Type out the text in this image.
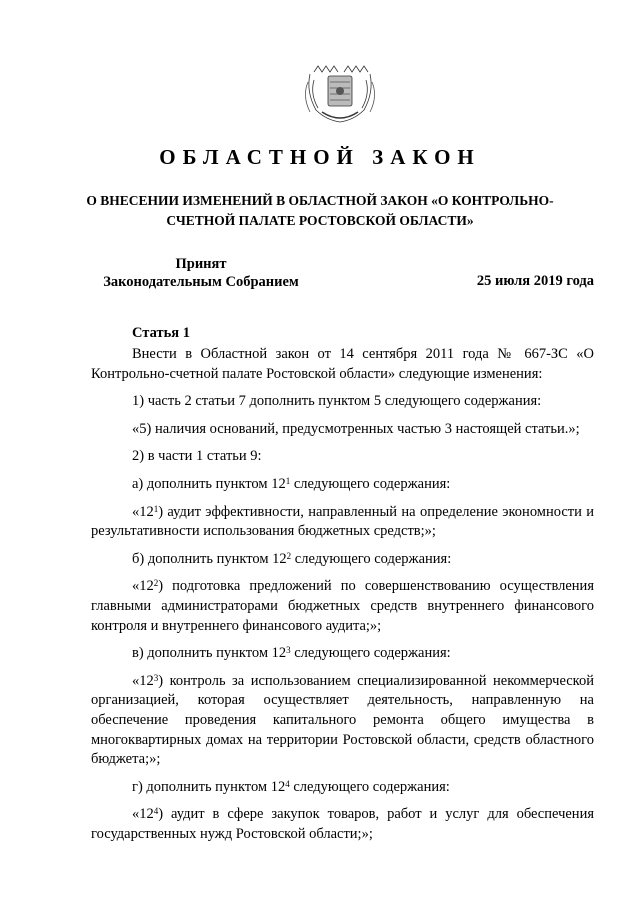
ОБЛАСТНОЙ ЗАКОН
О ВНЕСЕНИИ ИЗМЕНЕНИЙ В ОБЛАСТНОЙ ЗАКОН «О КОНТРОЛЬНО-СЧЕТНОЙ ПАЛАТЕ РОСТОВСКОЙ ОБЛАСТИ»
Принят
Законодательным Собранием	25 июля 2019 года
Статья 1

Внести в Областной закон от 14 сентября 2011 года № 667-ЗС «О Контрольно-счетной палате Ростовской области» следующие изменения:

1) часть 2 статьи 7 дополнить пунктом 5 следующего содержания:

«5) наличия оснований, предусмотренных частью 3 настоящей статьи.»;

2) в части 1 статьи 9:

а) дополнить пунктом $12^1$ следующего содержания:

«$12^1$) аудит эффективности, направленный на определение экономности и результативности использования бюджетных средств;»;

б) дополнить пунктом $12^2$ следующего содержания:

«$12^2$) подготовка предложений по совершенствованию осуществления главными администраторами бюджетных средств внутреннего финансового контроля и внутреннего финансового аудита;»;

в) дополнить пунктом $12^3$ следующего содержания:

«$12^3$) контроль за использованием специализированной некоммерческой организацией, которая осуществляет деятельность, направленную на обеспечение проведения капитального ремонта общего имущества в многоквартирных домах на территории Ростовской области, средств областного бюджета;»;

г) дополнить пунктом $12^4$ следующего содержания:

«$12^4$) аудит в сфере закупок товаров, работ и услуг для обеспечения государственных нужд Ростовской области;»;
